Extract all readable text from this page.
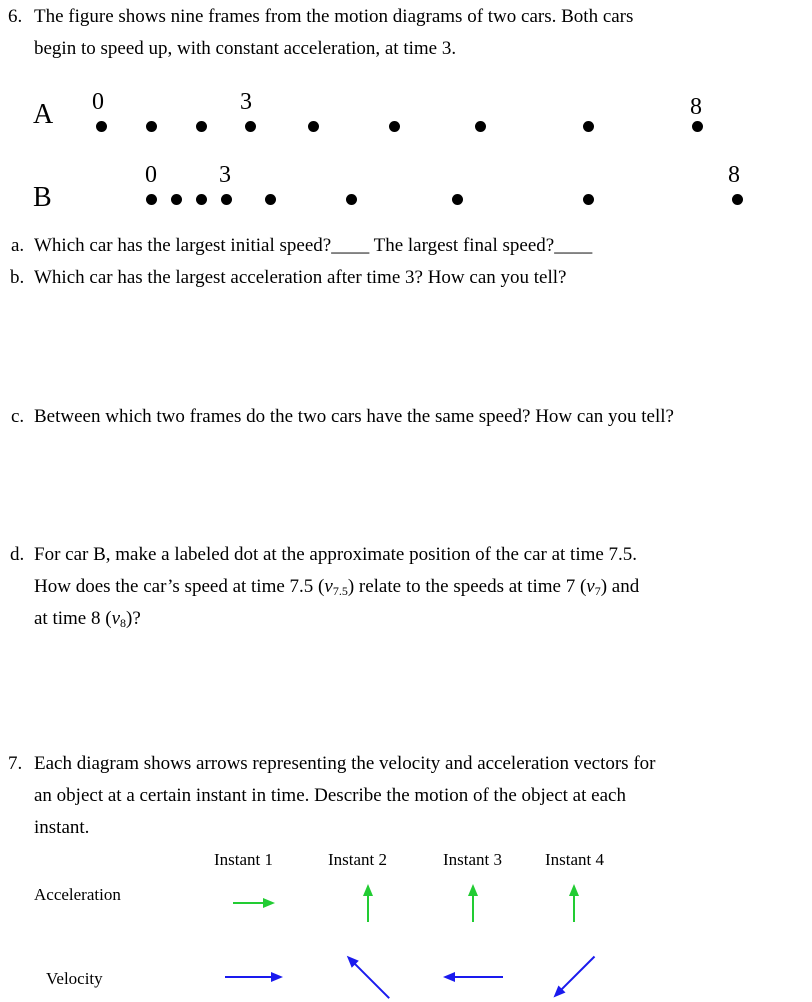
6. The figure shows nine frames from the motion diagrams of two cars. Both cars
begin to speed up, with constant acceleration, at time 3.
A 0	3	8
B
0	3	8
a. Which car has the largest initial speed?____ The largest final speed?____
b. Which car has the largest acceleration after time 3? How can you tell?
c. Between which two frames do the two cars have the same speed? How can you tell?
d. For car B, make a labeled dot at the approximate position of the car at time 7.5.
How does the car’s speed at time 7.5 $(v_{7.5})$ relate to the speeds at time 7 $(v_7)$ and
at time 8 $(v_8)$?
7. Each diagram shows arrows representing the velocity and acceleration vectors for
an object at a certain instant in time. Describe the motion of the object at each
instant.
Instant 1	Instant 2	Instant 3	Instant 4
Acceleration
Velocity
